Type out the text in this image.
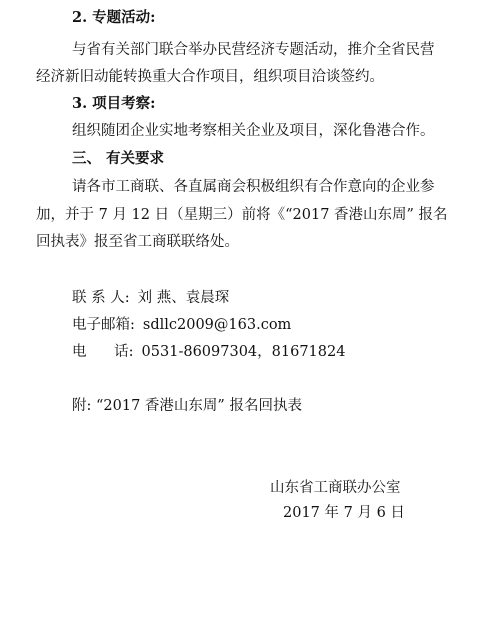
2. 专题活动:
与省有关部门联合举办民营经济专题活动，推介全省民营
经济新旧动能转换重大合作项目，组织项目洽谈签约。
3. 项目考察:
组织随团企业实地考察相关企业及项目，深化鲁港合作。
三、 有关要求
请各市工商联、各直属商会积极组织有合作意向的企业参
加，并于 7 月 12 日（星期三）前将《“2017 香港山东周” 报名
回执表》报至省工商联联络处。
联 系 人: 刘 燕、袁晨琛
电子邮箱: sdllc2009@163.com
电      话: 0531-86097304，81671824
附: “2017 香港山东周” 报名回执表
山东省工商联办公室
2017 年 7 月 6 日
